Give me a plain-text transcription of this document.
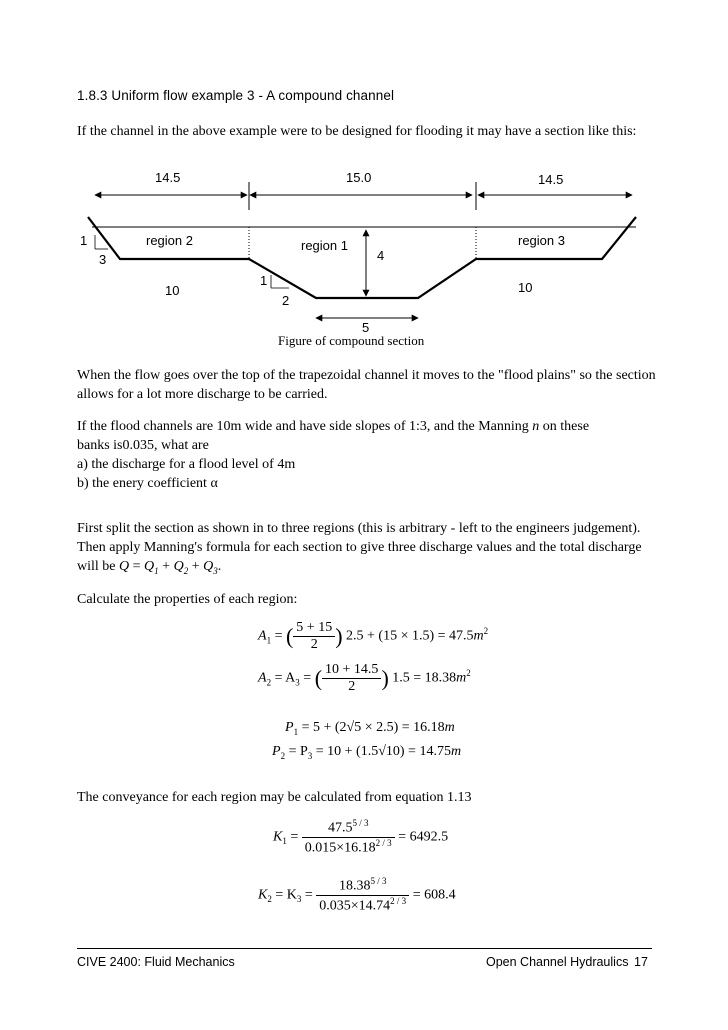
1.8.3 Uniform flow example 3 - A compound channel
If the channel in the above example were to be designed for flooding it may have a section like this:
14.5	15.0	14.5
4
region 2	region 1	region 3
1
3
1
2
10	10
5
Figure of compound section
When the flow goes over the top of the trapezoidal channel it moves to the "flood plains" so the section allows for a lot more discharge to be carried.
If the flood channels are 10m wide and have side slopes of 1:3, and the Manning n on these
banks is0.035, what are
a) the discharge for a flood level of 4m
b) the enery coefficient α
First split the section as shown in to three regions (this is arbitrary - left to the engineers judgement). Then apply Manning's formula for each section to give three discharge values and the total discharge will be $Q = Q_1 + Q_2 + Q_3$.
Calculate the properties of each region:
$A_1$ = ( $\frac{5 + 15}{2}$ ) $2.5 + (15 \times 1.5) = 47.5m^2$
$A_2 = A_3$ = ( $\frac{10 + 14.5}{2}$ ) $1.5 = 18.38m^2$
$P_1 = 5 + (2√5 \times 2.5) = 16.18m$
$P_2 = P_3 = 10 + (1.5√10) = 14.75m$
The conveyance for each region may be calculated from equation 1.13
$K_1 = \frac{47.5^{5 / 3}}{0.015\times 16.18^{2 / 3}} = 6492.5$
$K_2 = K_3 = \frac{18.38^{5 / 3}}{0.035\times 14.74^{2 / 3}} = 608.4$
CIVE 2400: Fluid Mechanics	Open Channel Hydraulics 17
